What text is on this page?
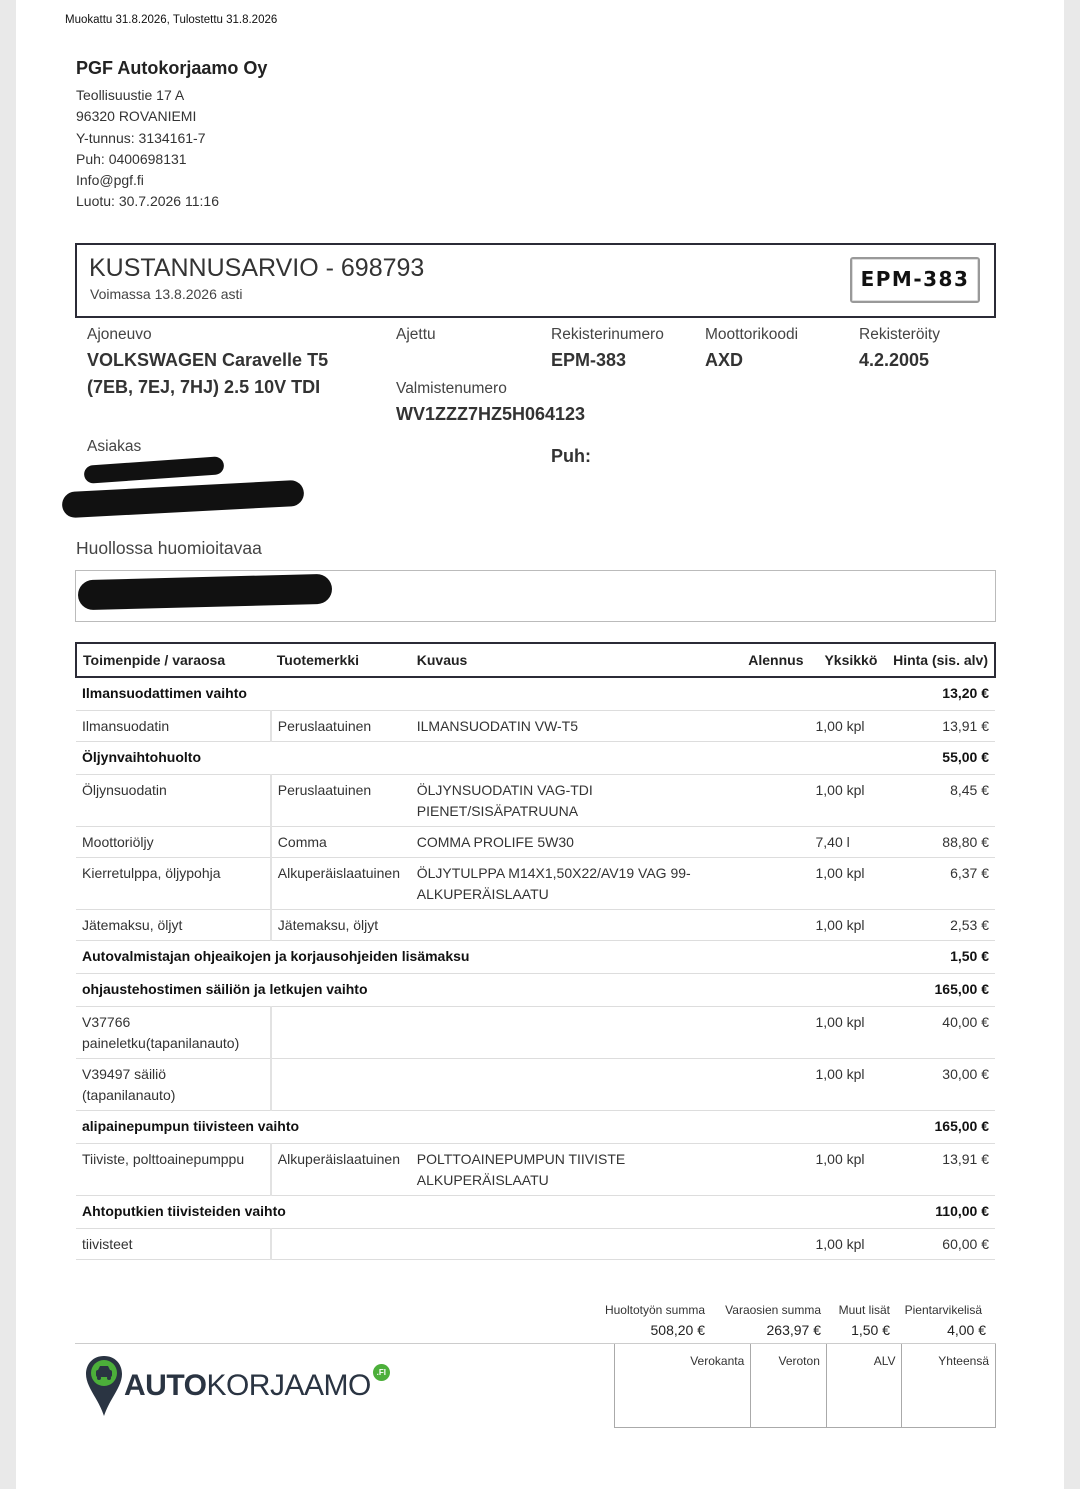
Muokattu 31.8.2026, Tulostettu 31.8.2026
PGF Autokorjaamo Oy
Teollisuustie 17 A
96320 ROVANIEMI
Y-tunnus: 3134161-7
Puh: 0400698131
Info@pgf.fi
Luotu: 30.7.2026 11:16
KUSTANNUSARVIO - 698793
Voimassa 13.8.2026 asti
EPM-383
Ajoneuvo
VOLKSWAGEN Caravelle T5
(7EB, 7EJ, 7HJ) 2.5 10V TDI
Ajettu
Valmistenumero
WV1ZZZ7HZ5H064123
Rekisterinumero
EPM-383
Moottorikoodi
AXD
Rekisteröity
4.2.2005
Asiakas	Puh:
Huollossa huomioitavaa
Toimenpide / varaosa	Tuotemerkki	Kuvaus	Alennus	Yksikkö	Hinta (sis. alv)
Ilmansuodattimen vaihto					13,20 €
Ilmansuodatin	Peruslaatuinen	ILMANSUODATIN VW-T5		1,00 kpl	13,91 €
Öljynvaihtohuolto					55,00 €
Öljynsuodatin	Peruslaatuinen	ÖLJYNSUODATIN VAG-TDI
PIENET/SISÄPATRUUNA		1,00 kpl	8,45 €
Moottoriöljy	Comma	COMMA PROLIFE 5W30		7,40 l	88,80 €
Kierretulppa, öljypohja	Alkuperäislaatuinen	ÖLJYTULPPA M14X1,50X22/AV19 VAG 99-
ALKUPERÄISLAATU		1,00 kpl	6,37 €
Jätemaksu, öljyt	Jätemaksu, öljyt			1,00 kpl	2,53 €
Autovalmistajan ohjeaikojen ja korjausohjeiden lisämaksu					1,50 €
ohjaustehostimen säiliön ja letkujen vaihto					165,00 €
V37766
paineletku(tapanilanauto)				1,00 kpl	40,00 €
V39497 säiliö
(tapanilanauto)				1,00 kpl	30,00 €
alipainepumpun tiivisteen vaihto					165,00 €
Tiiviste, polttoainepumppu	Alkuperäislaatuinen	POLTTOAINEPUMPUN TIIVISTE
ALKUPERÄISLAATU		1,00 kpl	13,91 €
Ahtoputkien tiivisteiden vaihto					110,00 €
tiivisteet				1,00 kpl	60,00 €
Huoltotyön summa
508,20 €
Varaosien summa
263,97 €
Muut lisät
1,50 €
Pientarvikelisä
4,00 €
Verokanta	Veroton	ALV	Yhteensä
AUTO KORJAAMO .FI
